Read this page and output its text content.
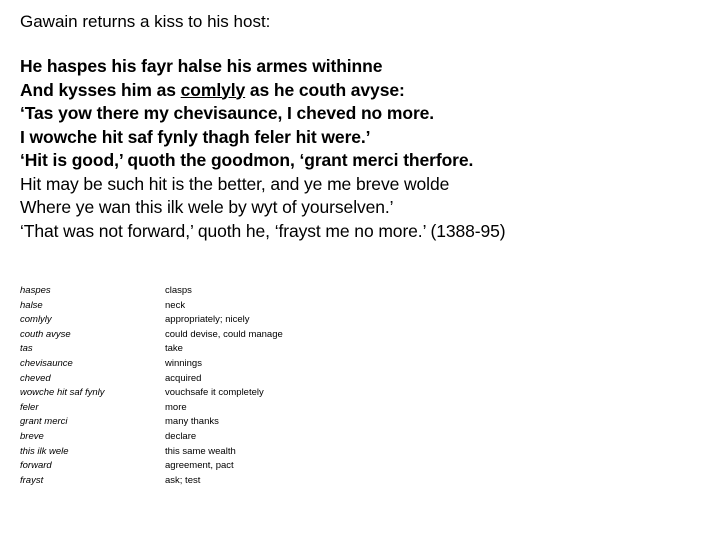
Gawain returns a kiss to his host:
He haspes his fayr halse his armes withinne
And kysses him as comlyly as he couth avyse:
‘Tas yow there my chevisaunce, I cheved no more.
I wowche hit saf fynly thagh feler hit were.’
‘Hit is good,’ quoth the goodmon, ‘grant merci therfore.
Hit may be such hit is the better, and ye me breve wolde
Where ye wan this ilk wele by wyt of yourselven.’
‘That was not forward,’ quoth he, ‘frayst me no more.’ (1388-95)
haspes
halse
comlyly
couth avyse
tas
chevisaunce
cheved
wowche hit saf fynly
feler
grant merci
breve
this ilk wele
forward
frayst
clasps
neck
appropriately; nicely
could devise, could manage
take
winnings
acquired
vouchsafe it completely
more
many thanks
declare
this same wealth
agreement, pact
ask; test
